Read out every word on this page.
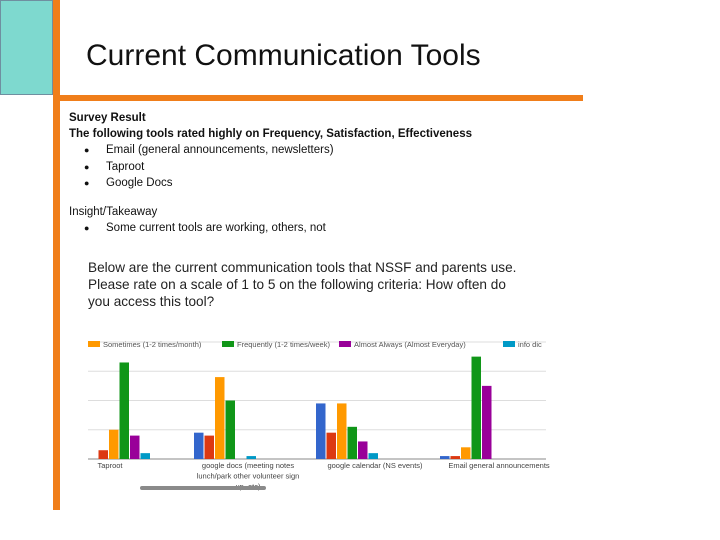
Current Communication Tools
Survey Result
The following tools rated highly on Frequency, Satisfaction, Effectiveness
● Email (general announcements, newsletters)
● Taproot
● Google Docs
Insight/Takeaway
● Some current tools are working, others, not
Below are the current communication tools that NSSF and parents use. Please rate on a scale of 1 to 5 on the following criteria: How often do you access this tool?
Sometimes (1-2 times/month)	Frequently (1-2 times/week)	Almost Always (Almost Everyday)	info dic
Taproot	google docs (meeting notes
lunch/park other volunteer sign
google calendar (NS events)	Email general announcements
